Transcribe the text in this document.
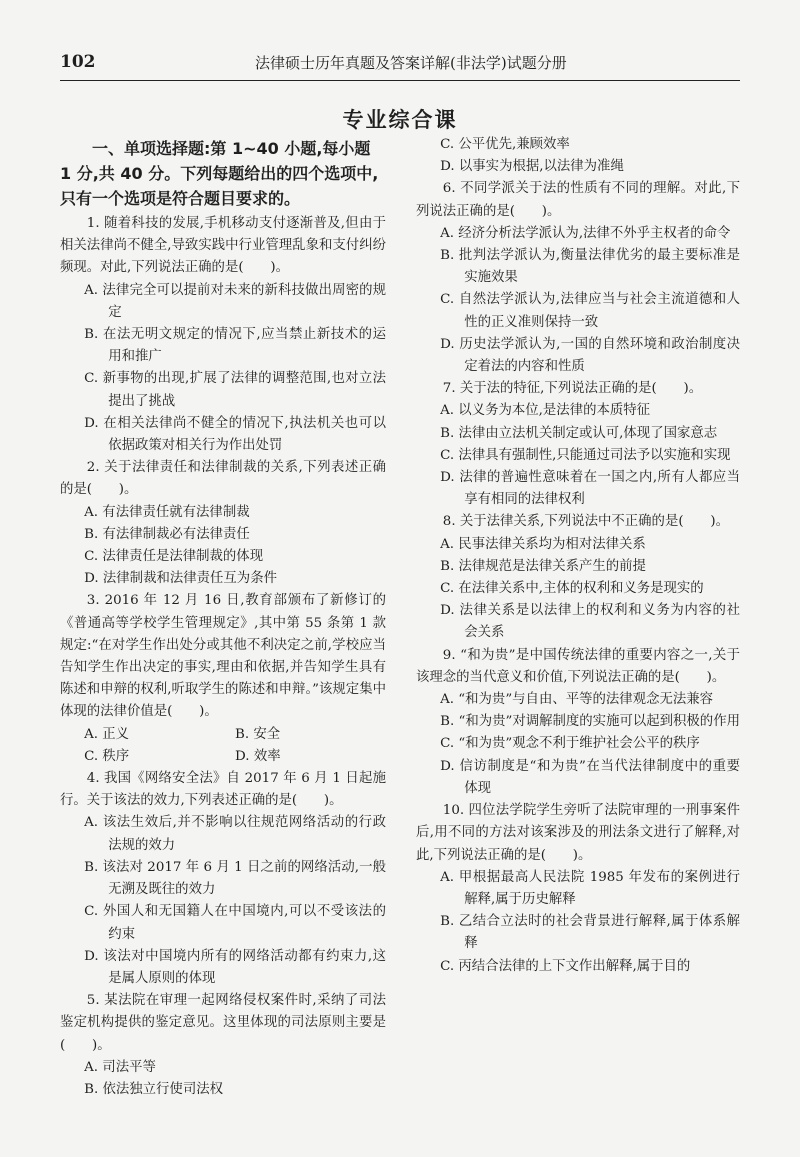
102	法律硕士历年真题及答案详解(非法学)试题分册
专业综合课

一、单项选择题:第 1~40 小题,每小题 1 分,共 40 分。下列每题给出的四个选项中,只有一个选项是符合题目要求的。

1. 随着科技的发展,手机移动支付逐渐普及,但由于相关法律尚不健全,导致实践中行业管理乱象和支付纠纷频现。对此,下列说法正确的是(　　)。

A. 法律完全可以提前对未来的新科技做出周密的规定

B. 在法无明文规定的情况下,应当禁止新技术的运用和推广

C. 新事物的出现,扩展了法律的调整范围,也对立法提出了挑战

D. 在相关法律尚不健全的情况下,执法机关也可以依据政策对相关行为作出处罚

2. 关于法律责任和法律制裁的关系,下列表述正确的是(　　)。

A. 有法律责任就有法律制裁

B. 有法律制裁必有法律责任

C. 法律责任是法律制裁的体现

D. 法律制裁和法律责任互为条件

3. 2016 年 12 月 16 日,教育部颁布了新修订的《普通高等学校学生管理规定》,其中第 55 条第 1 款规定:“在对学生作出处分或其他不利决定之前,学校应当告知学生作出决定的事实,理由和依据,并告知学生具有陈述和申辩的权利,听取学生的陈述和申辩。”该规定集中体现的法律价值是(　　)。

A. 正义	B. 安全
C. 秩序	D. 效率

4. 我国《网络安全法》自 2017 年 6 月 1 日起施行。关于该法的效力,下列表述正确的是(　　)。

A. 该法生效后,并不影响以往规范网络活动的行政法规的效力

B. 该法对 2017 年 6 月 1 日之前的网络活动,一般无溯及既往的效力

C. 外国人和无国籍人在中国境内,可以不受该法的约束

D. 该法对中国境内所有的网络活动都有约束力,这是属人原则的体现

5. 某法院在审理一起网络侵权案件时,采纳了司法鉴定机构提供的鉴定意见。这里体现的司法原则主要是(　　)。

A. 司法平等

B. 依法独立行使司法权

C. 公平优先,兼顾效率

D. 以事实为根据,以法律为准绳

6. 不同学派关于法的性质有不同的理解。对此,下列说法正确的是(　　)。

A. 经济分析法学派认为,法律不外乎主权者的命令

B. 批判法学派认为,衡量法律优劣的最主要标准是实施效果

C. 自然法学派认为,法律应当与社会主流道德和人性的正义准则保持一致

D. 历史法学派认为,一国的自然环境和政治制度决定着法的内容和性质

7. 关于法的特征,下列说法正确的是(　　)。

A. 以义务为本位,是法律的本质特征

B. 法律由立法机关制定或认可,体现了国家意志

C. 法律具有强制性,只能通过司法予以实施和实现

D. 法律的普遍性意味着在一国之内,所有人都应当享有相同的法律权利

8. 关于法律关系,下列说法中不正确的是(　　)。

A. 民事法律关系均为相对法律关系

B. 法律规范是法律关系产生的前提

C. 在法律关系中,主体的权利和义务是现实的

D. 法律关系是以法律上的权利和义务为内容的社会关系

9. “和为贵”是中国传统法律的重要内容之一,关于该理念的当代意义和价值,下列说法正确的是(　　)。

A. “和为贵”与自由、平等的法律观念无法兼容

B. “和为贵”对调解制度的实施可以起到积极的作用

C. “和为贵”观念不利于维护社会公平的秩序

D. 信访制度是“和为贵”在当代法律制度中的重要体现

10. 四位法学院学生旁听了法院审理的一刑事案件后,用不同的方法对该案涉及的刑法条文进行了解释,对此,下列说法正确的是(　　)。

A. 甲根据最高人民法院 1985 年发布的案例进行解释,属于历史解释

B. 乙结合立法时的社会背景进行解释,属于体系解释

C. 丙结合法律的上下文作出解释,属于目的
